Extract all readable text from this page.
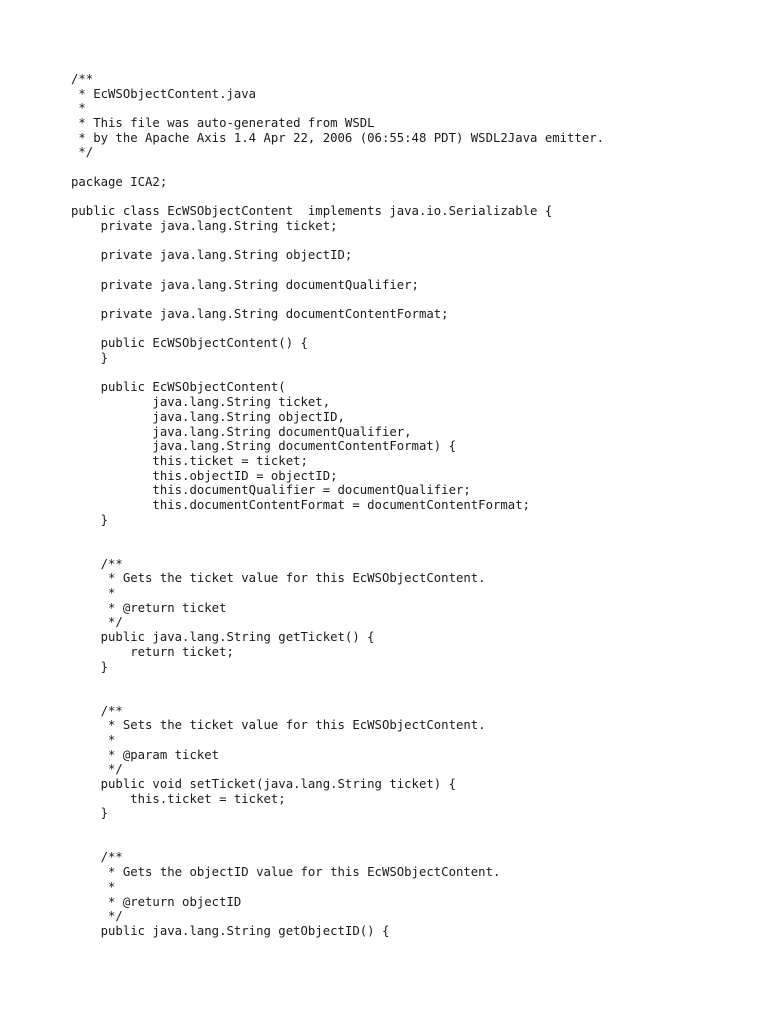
/**
* EcWSObjectContent.java
*
* This file was auto-generated from WSDL
* by the Apache Axis 1.4 Apr 22, 2006 (06:55:48 PDT) WSDL2Java emitter.
*/
package ICA2;
public class EcWSObjectContent  implements java.io.Serializable {
private java.lang.String ticket;
private java.lang.String objectID;
private java.lang.String documentQualifier;
private java.lang.String documentContentFormat;
public EcWSObjectContent() {
}
public EcWSObjectContent(
java.lang.String ticket,
java.lang.String objectID,
java.lang.String documentQualifier,
java.lang.String documentContentFormat) {
this.ticket = ticket;
this.objectID = objectID;
this.documentQualifier = documentQualifier;
this.documentContentFormat = documentContentFormat;
}
/**
* Gets the ticket value for this EcWSObjectContent.
*
* @return ticket
*/
public java.lang.String getTicket() {
return ticket;
}
/**
* Sets the ticket value for this EcWSObjectContent.
*
* @param ticket
*/
public void setTicket(java.lang.String ticket) {
this.ticket = ticket;
}
/**
* Gets the objectID value for this EcWSObjectContent.
*
* @return objectID
*/
public java.lang.String getObjectID() {
